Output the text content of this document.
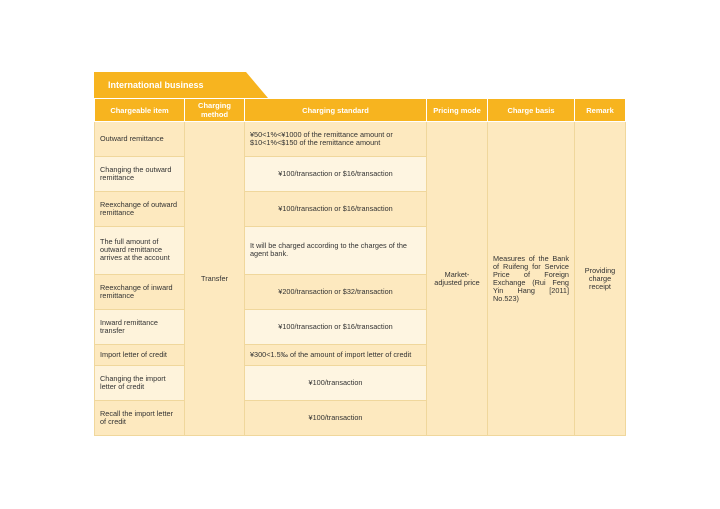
International business
Chargeable item	Charging method	Charging standard	Pricing mode	Charge basis	Remark
Outward remittance	Transfer	¥50<1%<¥1000 of the remittance amount or $10<1%<$150 of the remittance amount	Market-adjusted price	Measures of the Bank of Ruifeng for Service Price of Foreign Exchange (Rui Feng Yin Hang [2011] No.523)	Providing charge receipt
Changing the outward remittance		¥100/transaction or $16/transaction			
Reexchange of outward remittance		¥100/transaction or $16/transaction			
The full amount of outward remittance arrives at the account		It will be charged according to the charges of the agent bank.			
Reexchange of inward remittance		¥200/transaction or $32/transaction			
Inward remittance transfer		¥100/transaction or $16/transaction			
Import letter of credit		¥300<1.5‰ of the amount of import letter of credit			
Changing the import letter of credit		¥100/transaction			
Recall the import letter of credit		¥100/transaction			
